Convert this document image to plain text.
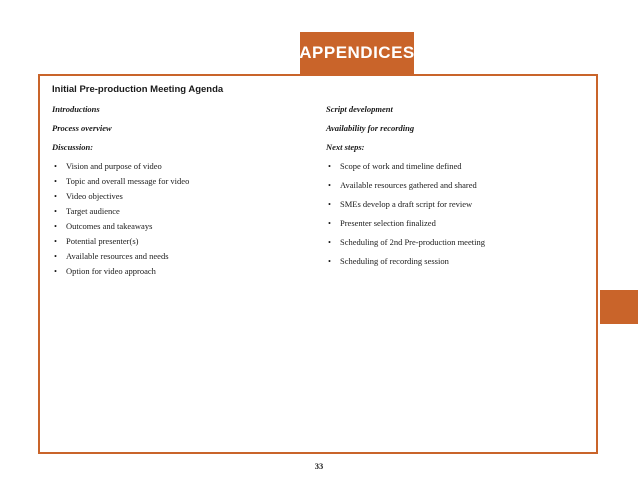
APPENDICES
Initial Pre-production Meeting Agenda

Introductions

Process overview

Discussion:

• Vision and purpose of video
• Topic and overall message for video
• Video objectives
• Target audience
• Outcomes and takeaways
• Potential presenter(s)
• Available resources and needs
• Option for video approach

Script development

Availability for recording

Next steps:

• Scope of work and timeline defined
• Available resources gathered and shared
• SMEs develop a draft script for review
• Presenter selection finalized
• Scheduling of 2nd Pre-production meeting
• Scheduling of recording session
33
